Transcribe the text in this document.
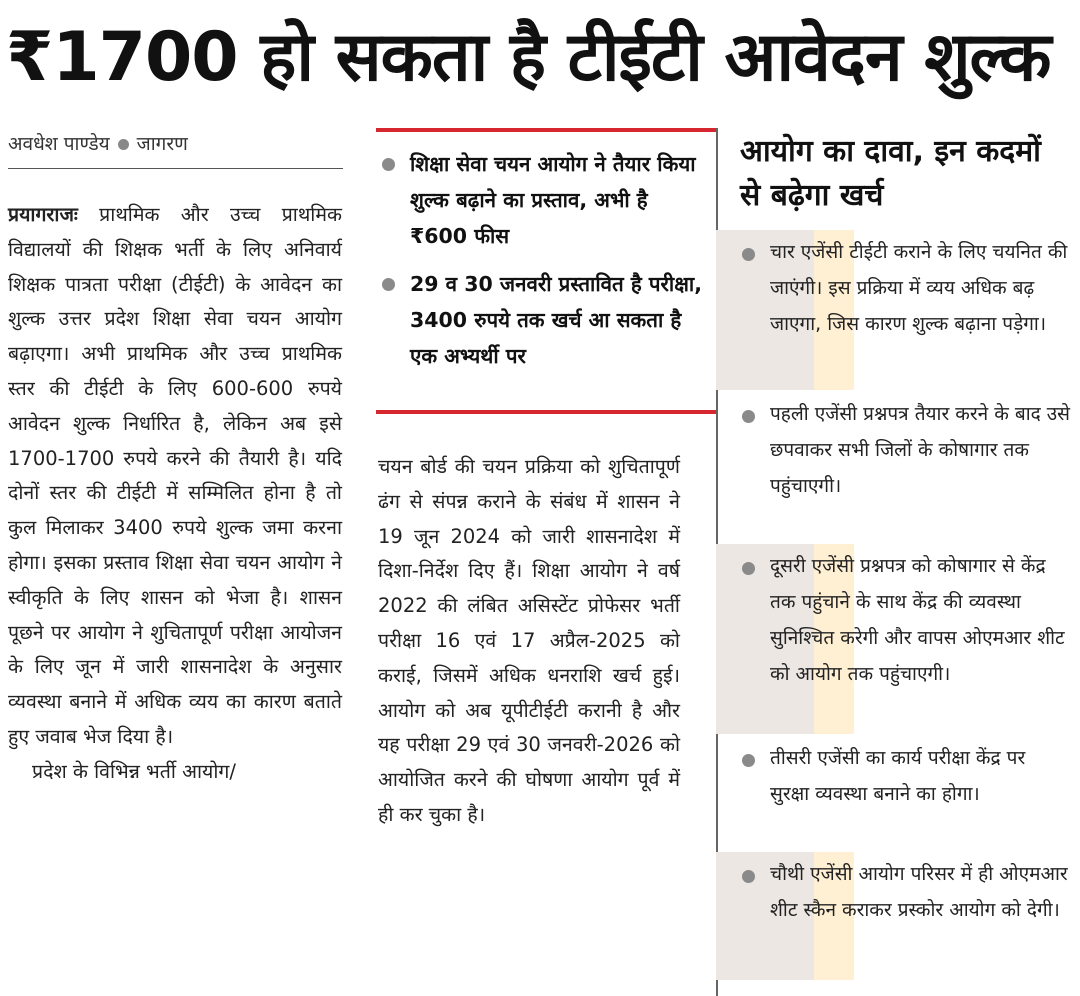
₹1700 हो सकता है टीईटी आवेदन शुल्क
अवधेश पाण्डेय जागरण

प्रयागराजः प्राथमिक और उच्च प्राथमिक विद्यालयों की शिक्षक भर्ती के लिए अनिवार्य शिक्षक पात्रता परीक्षा (टीईटी) के आवेदन का शुल्क उत्तर प्रदेश शिक्षा सेवा चयन आयोग बढ़ाएगा। अभी प्राथमिक और उच्च प्राथमिक स्तर की टीईटी के लिए 600-600 रुपये आवेदन शुल्क निर्धारित है, लेकिन अब इसे 1700-1700 रुपये करने की तैयारी है। यदि दोनों स्तर की टीईटी में सम्मिलित होना है तो कुल मिलाकर 3400 रुपये शुल्क जमा करना होगा। इसका प्रस्ताव शिक्षा सेवा चयन आयोग ने स्वीकृति के लिए शासन को भेजा है। शासन पूछने पर आयोग ने शुचितापूर्ण परीक्षा आयोजन के लिए जून में जारी शासनादेश के अनुसार व्यवस्था बनाने में अधिक व्यय का कारण बताते हुए जवाब भेज दिया है।

प्रदेश के विभिन्न भर्ती आयोग/

शिक्षा सेवा चयन आयोग ने तैयार किया शुल्क बढ़ाने का प्रस्ताव, अभी है ₹600 फीस
29 व 30 जनवरी प्रस्तावित है परीक्षा, 3400 रुपये तक खर्च आ सकता है एक अभ्यर्थी पर

चयन बोर्ड की चयन प्रक्रिया को शुचितापूर्ण ढंग से संपन्न कराने के संबंध में शासन ने 19 जून 2024 को जारी शासनादेश में दिशा-निर्देश दिए हैं। शिक्षा आयोग ने वर्ष 2022 की लंबित असिस्टेंट प्रोफेसर भर्ती परीक्षा 16 एवं 17 अप्रैल-2025 को कराई, जिसमें अधिक धनराशि खर्च हुई। आयोग को अब यूपीटीईटी करानी है और यह परीक्षा 29 एवं 30 जनवरी-2026 को आयोजित करने की घोषणा आयोग पूर्व में ही कर चुका है।

आयोग का दावा, इन कदमों से बढ़ेगा खर्च
चार एजेंसी टीईटी कराने के लिए चयनित की जाएंगी। इस प्रक्रिया में व्यय अधिक बढ़ जाएगा, जिस कारण शुल्क बढ़ाना पड़ेगा।
पहली एजेंसी प्रश्नपत्र तैयार करने के बाद उसे छपवाकर सभी जिलों के कोषागार तक पहुंचाएगी।
दूसरी एजेंसी प्रश्नपत्र को कोषागार से केंद्र तक पहुंचाने के साथ केंद्र की व्यवस्था सुनिश्चित करेगी और वापस ओएमआर शीट को आयोग तक पहुंचाएगी।
तीसरी एजेंसी का कार्य परीक्षा केंद्र पर सुरक्षा व्यवस्था बनाने का होगा।
चौथी एजेंसी आयोग परिसर में ही ओएमआर शीट स्कैन कराकर प्रस्कोर आयोग को देगी।
